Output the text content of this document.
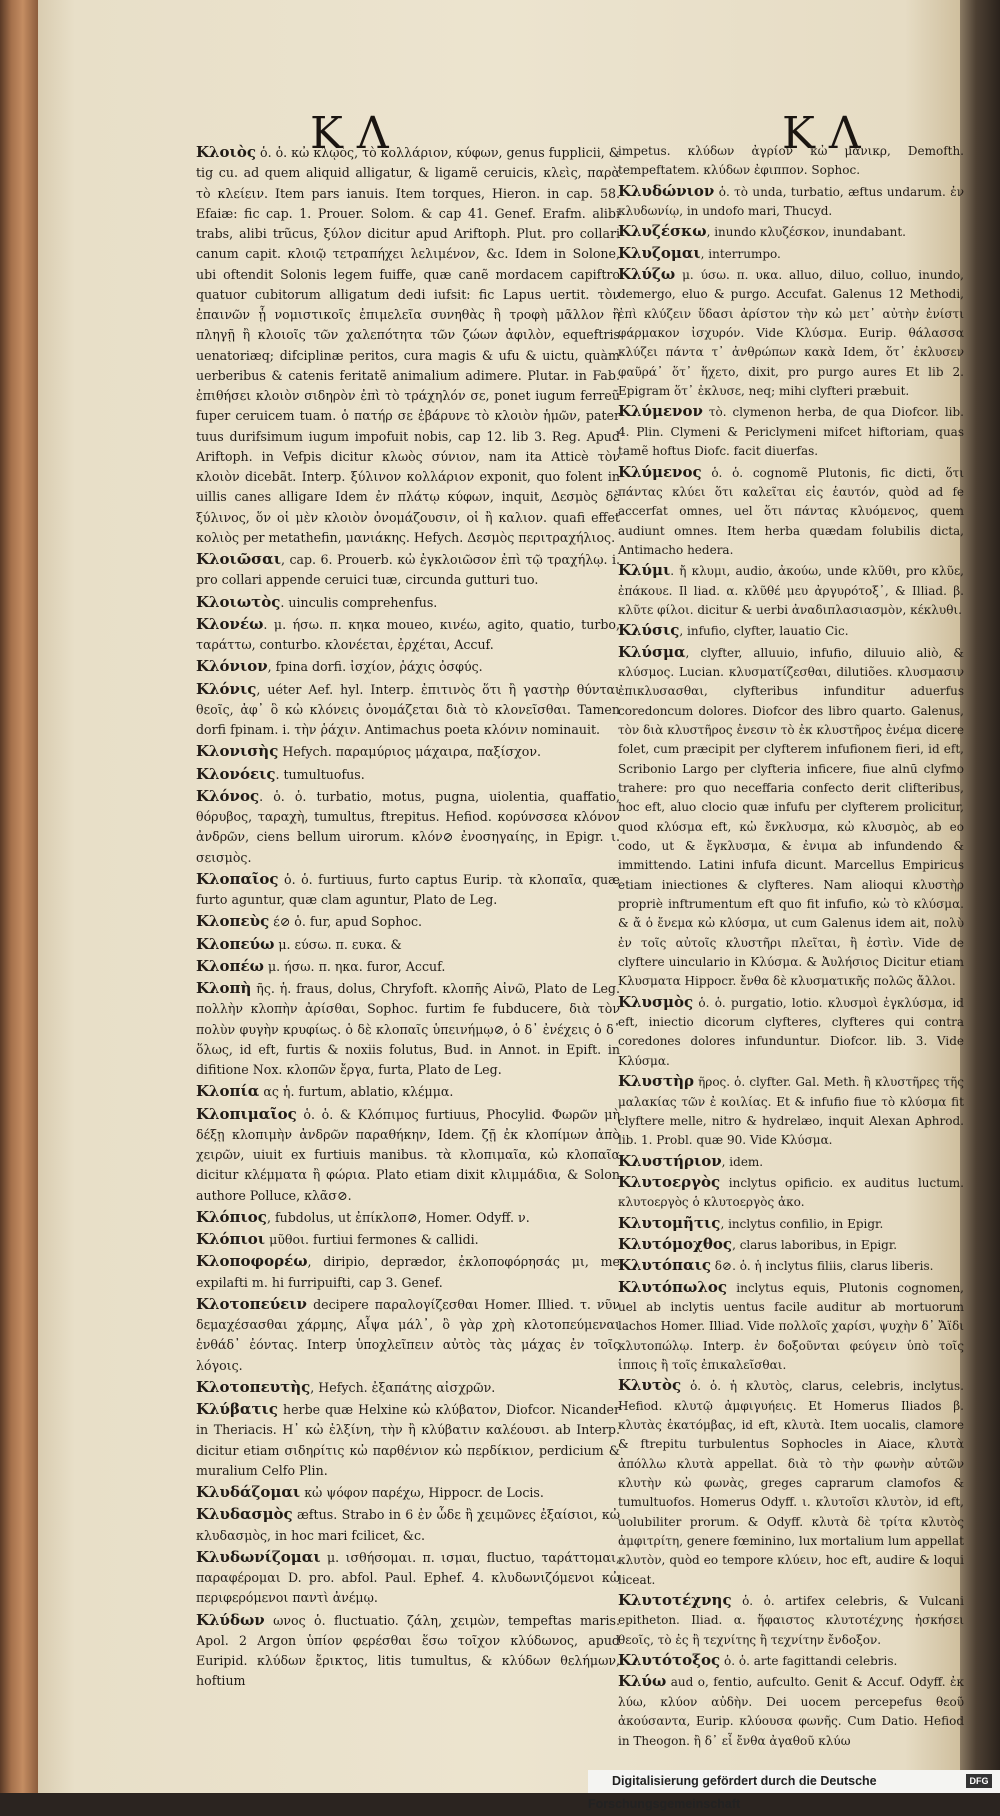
ΚΛ	ΚΛ

Κλοιὸς ὁ. ὁ. κὠ κλῳὸς, τὸ κολλάριον, κύφων, genus fupplicii, & tig cu. ad quem aliquid alligatur, & ligamẽ ceruicis, κλεὶς, παρὰ τὸ κλείειν. Item pars ianuis. Item torques, Hieron. in cap. 58. Efaiæ: fic cap. 1. Prouer. Solom. & cap 41. Genef. Erafm. alibi trabs, alibi trũcus, ξύλον dicitur apud Ariftoph. Plut. pro collari canum capit. κλοιῷ τετραπήχει λελιμένον, &c. Idem in Solone, ubi oftendit Solonis legem fuiffe, quæ canẽ mordacem capiftro quatuor cubitorum alligatum dedi iufsit: fic Lapus uertit. τὸν ἐπαινῶν ᾗ νομιστικοῖς ἐπιμελεῖα συνηθὰς ἢ τροφὴ μᾶλλον ἢ πληγῇ ἢ κλοιοῖς τῶν χαλεπότητα τῶν ζώων ἀφιλὸν, equeftris uenatoriæq; difciplinæ peritos, cura magis & ufu & uictu, quàm uerberibus & catenis feritatẽ animalium adimere. Plutar. in Fab. ἐπιθήσει κλοιὸν σιδηρὸν ἐπὶ τὸ τράχηλόν σε, ponet iugum ferreũ fuper ceruicem tuam. ὁ πατήρ σε ἐβάρυνε τὸ κλοιὸν ἡμῶν, pater tuus durifsimum iugum impofuit nobis, cap 12. lib 3. Reg. Apud Ariftoph. in Vefpis dicitur κλωὸς σύνιον, nam ita Atticè τὸν κλοιὸν dicebãt. Interp. ξύλινον κολλάριον exponit, quo folent in uillis canes alligare Idem ἐν πλάτῳ κύφων, inquit, Δεσμὸς δὲ ξύλινος, ὅν οἱ μὲν κλοιὸν ὀνομάζουσιν, οἱ ἢ καλιον. quafi effet κολιὸς per metathefin, μανιάκης. Hefych. Δεσμὸς περιτραχήλιος.

Κλοιῶσαι, cap. 6. Prouerb. κὠ ἐγκλοιῶσον ἐπὶ τῷ τραχήλῳ. i. pro collari appende ceruici tuæ, circunda gutturi tuo.

Κλοιωτὸς. uinculis comprehenfus.

Κλονέω. μ. ήσω. π. κηκα moueo, κινέω, agito, quatio, turbo, ταράττω, conturbo. κλονέεται, ἐρχέται, Accuf.

Κλόνιον, fpina dorfi. ἰσχίον, ῥάχις ὀσφύς.

Κλόνις, uéter Aef. hyl. Interp. ἐπιτινὸς ὅτι ἢ γαστὴρ θύνται θεοῖς, ἀφ᾽ ὃ κὠ κλόνεις ὀνομάζεται διὰ τὸ κλονεῖσθαι. Tamen dorfi fpinam. i. τὴν ῥάχιν. Antimachus poeta κλόνιν nominauit.

Κλονισὴς Hefych. παραμύριος μάχαιρα, παξίσχον.

Κλονόεις. tumultuofus.

Κλόνος. ὁ. ὁ. turbatio, motus, pugna, uiolentia, quaffatio, θόρυβος, ταραχὴ, tumultus, ftrepitus. Hefiod. κορύνσσεα κλόνον ἀνδρῶν, ciens bellum uirorum. κλόν⊘ ἐνοσηγαίης, in Epigr. ι. σεισμὸς.

Κλοπαῖος ὁ. ὁ. furtiuus, furto captus Eurip. τὰ κλοπαῖα, quæ furto aguntur, quæ clam aguntur, Plato de Leg.

Κλοπεὺς έ⊘ ὁ. fur, apud Sophoc.

Κλοπεύω μ. εύσω. π. ευκα. &

Κλοπέω μ. ήσω. π. ηκα. furor, Accuf.

Κλοπὴ ῆς. ἡ. fraus, dolus, Chryfoft. κλοπῆς Αἰνῶ, Plato de Leg. πολλὴν κλοπὴν ἀρίσθαι, Sophoc. furtim fe fubducere, διὰ τὸν πολὺν φυγὴν κρυφίως. ὁ δὲ κλοπαῖς ὑπεινήμῳ⊘, ὁ δ᾽ ἐνέχεις ὁ δ᾽ ὅλως, id eft, furtis & noxiis folutus, Bud. in Annot. in Epift. in difitione Nox. κλοπῶν ἔργα, furta, Plato de Leg.

Κλοπία ας ἡ. furtum, ablatio, κλέμμα.

Κλοπιμαῖος ὁ. ὁ. & Κλόπιμος furtiuus, Phocylid. Φωρῶν μὴ δέξῃ κλοπιμὴν ἀνδρῶν παραθήκην, Idem. ζῇ ἐκ κλοπίμων ἀπὸ χειρῶν, uiuit ex furtiuis manibus. τὰ κλοπιμαῖα, κὠ κλοπαῖα dicitur κλέμματα ἢ φώρια. Plato etiam dixit κλιμμάδια, & Solon authore Polluce, κλᾶσ⊘.

Κλόπιος, fubdolus, ut ἐπίκλοπ⊘, Homer. Odyff. ν.

Κλόπιοι μῦθοι. furtiui fermones & callidi.

Κλοποφορέω, diripio, deprædor, ἐκλοποφόρησάς μι, me expilafti m. hi furripuifti, cap 3. Genef.

Κλοτοπεύειν decipere παραλογίζεσθαι Homer. Illied. τ. νῦν δεμαχέσασθαι χάρμης, Αἶψα μάλ᾽, ὃ γὰρ χρὴ κλοτοπεύμεναι ἐνθάδ᾽ ἐόντας. Interp ὑποχλεῖπειν αὐτὸς τὰς μάχας ἐν τοῖς λόγοις.

Κλοτοπευτὴς, Hefych. ἐξαπάτης αἰσχρῶν.

Κλύβατις herbe quæ Helxine κὠ κλύβατον, Diofcor. Nicander in Theriacis. Η᾽ κὠ ἐλξίνη, τὴν ἢ κλύβατιν καλέουσι. ab Interp. dicitur etiam σιδηρίτις κὠ παρθένιον κὠ περδίκιον, perdicium & muralium Celfo Plin.

Κλυδάζομαι κὠ ψόφον παρέχω, Hippocr. de Locis.

Κλυδασμὸς æftus. Strabo in 6 ἐν ὧδε ἢ χειμῶνες ἐξαίσιοι, κὠ κλυδασμὸς, in hoc mari fcilicet, &c.

Κλυδωνίζομαι μ. ισθήσομαι. π. ισμαι, fluctuo, ταράττομαι, παραφέρομαι D. pro. abfol. Paul. Ephef. 4. κλυδωνιζόμενοι κὠ περιφερόμενοι παντὶ ἀνέμῳ.

Κλύδων ωνος ὁ. fluctuatio. ζάλη, χειμὼν, tempeftas maris. Apol. 2 Argon ὑπίον φερέσθαι ἕσω τοῖχον κλύδωνος, apud Euripid. κλύδων ἔρικτος, litis tumultus, & κλύδων θελήμων, hoftium

impetus. κλύδων ἀγρίον κὠ μάνικρ, Demofth. tempeftatem. κλύδων ἐφιππον. Sophoc.

Κλυδώνιον ὁ. τὸ unda, turbatio, æftus undarum. ἐν κλυδωνίῳ, in undofo mari, Thucyd.

Κλυζέσκω, inundo κλυζέσκον, inundabant.

Κλυζομαι, interrumpo.

Κλύζω μ. ύσω. π. υκα. alluo, diluo, colluo, inundo, demergo, eluo & purgo. Accufat. Galenus 12 Methodi, ἐπὶ κλύζειν ὕδασι ἀρίστον τὴν κὠ μετ᾽ αὐτὴν ἐνίστι φάρμακον ἰσχυρόν. Vide Κλύσμα. Eurip. θάλασσα κλύζει πάντα τ᾽ ἀνθρώπων κακὰ Idem, ὅτ᾽ ἐκλυσεν φαῦρά᾽ ὅτ᾽ ἥχετο, dixit, pro purgo aures Et lib 2. Epigram ὅτ᾽ ἐκλυσε, neq; mihi clyfteri præbuit.

Κλύμενον τὸ. clymenon herba, de qua Diofcor. lib. 4. Plin. Clymeni & Periclymeni mifcet hiftoriam, quas tamẽ hoftus Diofc. facit diuerfas.

Κλύμενος ὁ. ὁ. cognomẽ Plutonis, fic dicti, ὅτι πάντας κλύει ὅτι καλεῖται εἰς ἑαυτόν, quòd ad fe accerfat omnes, uel ὅτι πάντας κλυόμενος, quem audiunt omnes. Item herba quædam folubilis dicta, Antimacho hedera.

Κλύμι. ἤ κλυμι, audio, ἀκούω, unde κλῦθι, pro κλῦε, ἐπάκουε. Il liad. α. κλῦθέ μευ ἀργυρότοξ᾽, & Illiad. β. κλῦτε φίλοι. dicitur & uerbi ἀναδιπλασιασμὸν, κέκλυθι.

Κλύσις, infufio, clyfter, lauatio Cic.

Κλύσμα, clyfter, alluuio, infufio, diluuio aliò, & κλύσμος. Lucian. κλυσματίζεσθαι, dilutiões. κλυσμασιν ἐπικλυσασθαι, clyfteribus infunditur aduerfus coredoncum dolores. Diofcor des libro quarto. Galenus, τὸν διὰ κλυστῆρος ἐνεσιν τὸ ἐκ κλυστῆρος ἐνέμα dicere folet, cum præcipit per clyfterem infufionem fieri, id eft, Scribonio Largo per clyfteria inficere, fiue alnū clyfmo trahere: pro quo neceffaria confecto derit clifteribus, hoc eft, aluo clocio quæ infufu per clyfterem prolicitur, quod κλύσμα eft, κὠ ἔνκλυσμα, κὠ κλυσμὸς, ab eo codo, ut & ἔγκλυσμα, & ἐνιμα ab infundendo & immittendo. Latini infufa dicunt. Marcellus Empiricus etiam iniectiones & clyfteres. Nam alioqui κλυστὴρ propriè inftrumentum eft quo fit infufio, κὠ τὸ κλύσμα. & ἄ ὁ ἔνεμα κὠ κλύσμα, ut cum Galenus idem ait, πολὺ ἐν τοῖς αὐτοῖς κλυστῆρι πλεῖται, ἢ ἐστὶν. Vide de clyftere uinculario in Κλύσμα. & Ἀυλήσιος Dicitur etiam Κλυσματα Hippocr. ἔνθα δὲ κλυσματικῆς πολῶς ἄλλοι.

Κλυσμὸς ὁ. ὁ. purgatio, lotio. κλυσμοὶ ἐγκλύσμα, id eft, iniectio dicorum clyfteres, clyfteres qui contra coredones dolores infunduntur. Diofcor. lib. 3. Vide Κλύσμα.

Κλυστὴρ ῆρος. ὁ. clyfter. Gal. Meth. ἢ κλυστῆρες τῆς μαλακίας τῶν ἐ κοιλίας. Et & infufio fiue τὸ κλύσμα fit clyftere melle, nitro & hydrelæo, inquit Alexan Aphrod. lib. 1. Probl. quæ 90. Vide Κλύσμα.

Κλυστήριον, idem.

Κλυτοεργὸς inclytus opificio. ex auditus luctum. κλυτοεργὸς ὁ κλυτοεργὸς ἀκο.

Κλυτομῆτις, inclytus confilio, in Epigr.

Κλυτόμοχθος, clarus laboribus, in Epigr.

Κλυτόπαις δ⊘. ὁ. ἡ inclytus filiis, clarus liberis.

Κλυτόπωλος inclytus equis, Plutonis cognomen, uel ab inclytis uentus facile auditur ab mortuorum lachos Homer. Illiad. Vide πολλοῖς χαρίσι, ψυχὴν δ᾽ Ἄϊδι κλυτοπώλῳ. Interp. ἐν δοξοῦνται φεύγειν ὑπὸ τοῖς ἱπποις ἢ τοῖς ἐπικαλεῖσθαι.

Κλυτὸς ὁ. ὁ. ἡ κλυτὸς, clarus, celebris, inclytus. Hefiod. κλυτῷ ἀμφιγυήεις. Et Homerus Iliados β. κλυτὰς ἑκατόμβας, id eft, κλυτὰ. Item uocalis, clamore & ftrepitu turbulentus Sophocles in Aiace, κλυτὰ ἀπόλλω κλυτὰ appellat. διὰ τὸ τὴν φωνὴν αὐτῶν κλυτὴν κὠ φωνὰς, greges caprarum clamofos & tumultuofos. Homerus Odyff. ι. κλυτοῖσι κλυτὸν, id eft, uolubiliter prorum. & Odyff. κλυτὰ δὲ τρίτα κλυτὸς ἀμφιτρίτη, genere fœminino, lux mortalium lum appellat κλυτὸν, quòd eo tempore κλύειν, hoc eft, audire & loqui liceat.

Κλυτοτέχνης ὁ. ὁ. artifex celebris, & Vulcani epitheton. Iliad. α. ἥφαιστος κλυτοτέχνης ἠσκήσει θεοῖς, τὸ ἐς ἢ τεχνίτης ἢ τεχνίτην ἔνδοξον.

Κλυτότοξος ὁ. ὁ. arte fagittandi celebris.

Κλύω aud o, fentio, aufculto. Genit & Accuf. Odyff. ἐκ λύω, κλύον αὐδὴν. Dei uocem percepefus θεοῦ ἀκούσαντα, Eurip. κλύουσα φωνῆς. Cum Datio. Hefiod in Theogon. ἢ δ᾽ εἶ ἔνθα ἀγαθοῦ κλύω

Digitalisierung gefördert durch die Deutsche Forschungsgemeinschaft
DFG
